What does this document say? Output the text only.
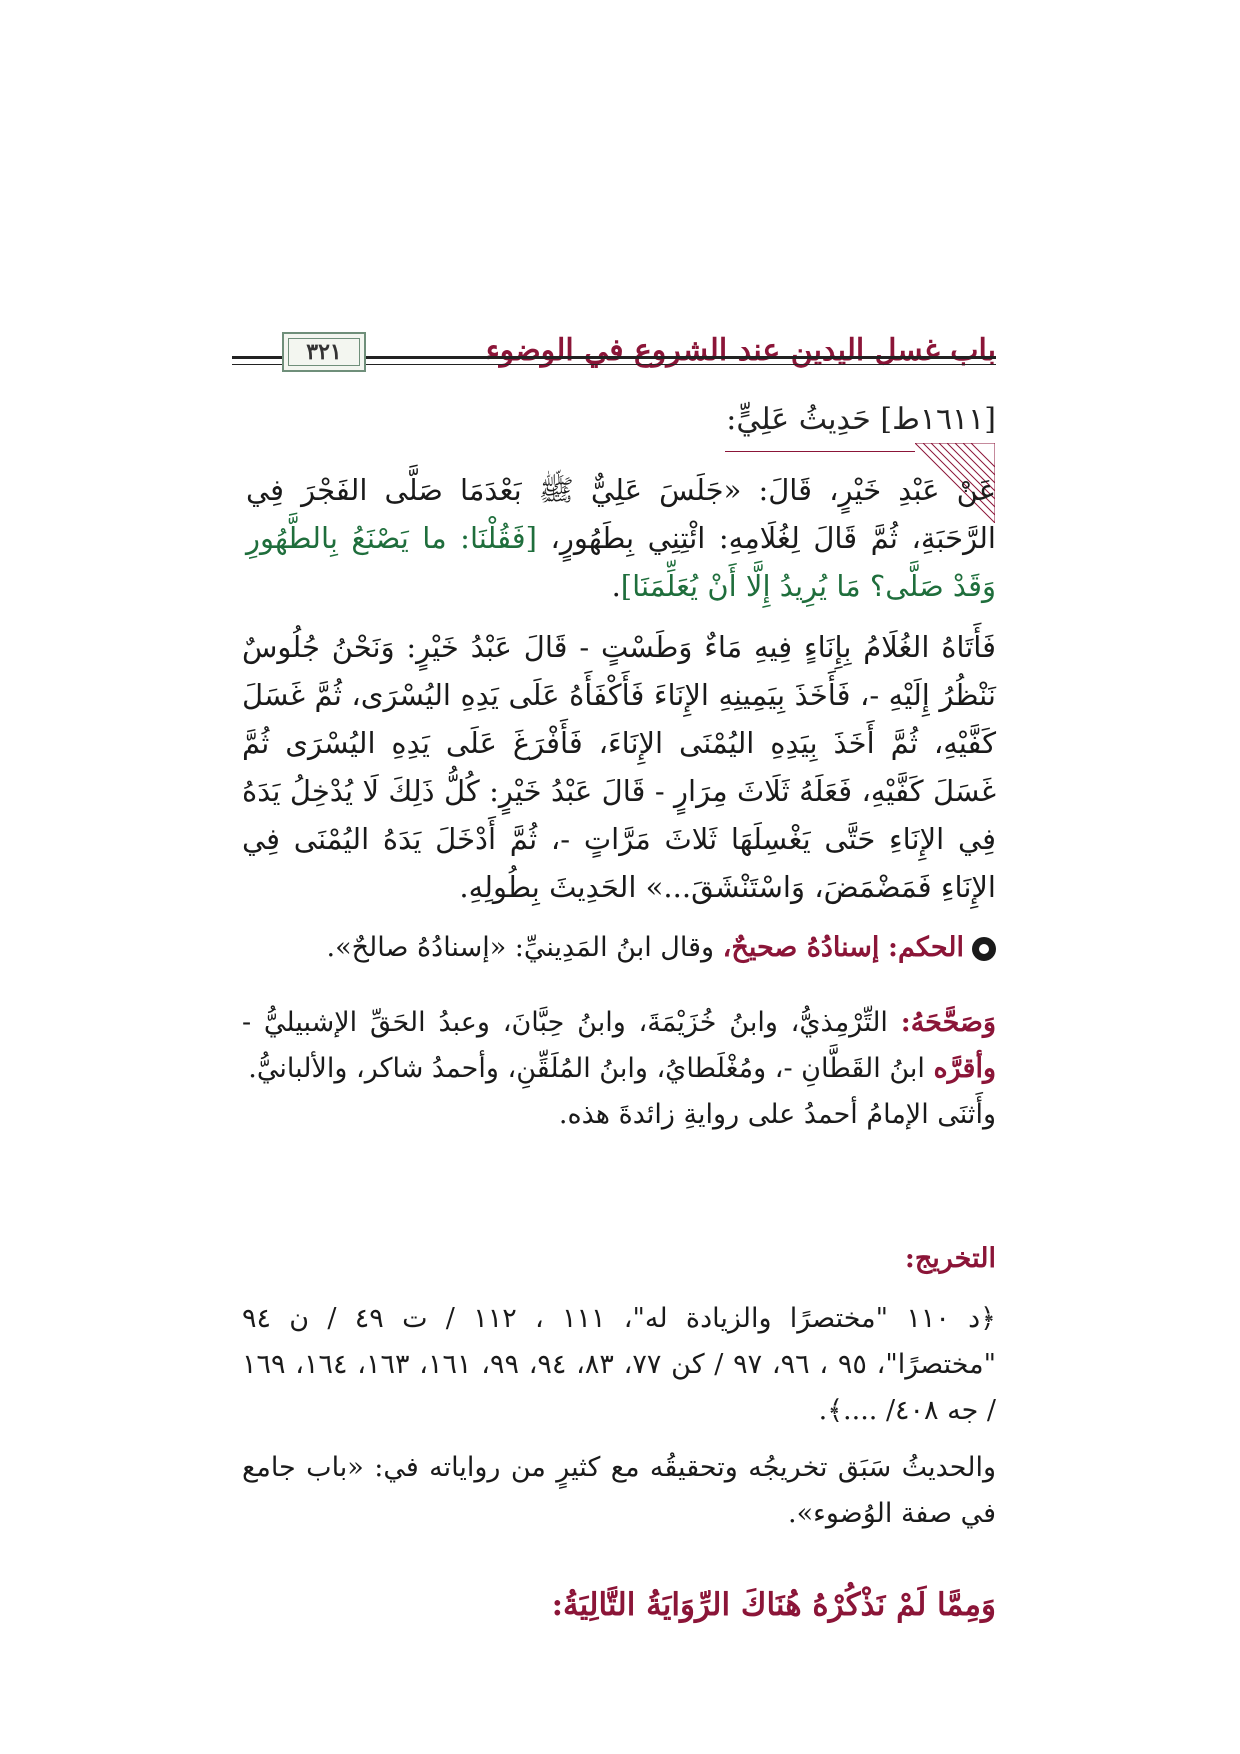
باب غسل اليدين عند الشروع في الوضوء
٣٢١
[١٦١١ط] حَدِيثُ عَلِيٍّ:
عَنْ عَبْدِ خَيْرٍ، قَالَ: «جَلَسَ عَلِيٌّ ﷺ بَعْدَمَا صَلَّى الفَجْرَ فِي الرَّحَبَةِ، ثُمَّ قَالَ لِغُلَامِهِ: ائْتِنِي بِطَهُورٍ، [فَقُلْنَا: ما يَصْنَعُ بِالطَّهُورِ وَقَدْ صَلَّى؟ مَا يُرِيدُ إِلَّا أَنْ يُعَلِّمَنَا].
فَأَتَاهُ الغُلَامُ بِإِنَاءٍ فِيهِ مَاءٌ وَطَسْتٍ - قَالَ عَبْدُ خَيْرٍ: وَنَحْنُ جُلُوسٌ نَنْظُرُ إِلَيْهِ -، فَأَخَذَ بِيَمِينِهِ الإِنَاءَ فَأَكْفَأَهُ عَلَى يَدِهِ اليُسْرَى، ثُمَّ غَسَلَ كَفَّيْهِ، ثُمَّ أَخَذَ بِيَدِهِ اليُمْنَى الإِنَاءَ، فَأَفْرَغَ عَلَى يَدِهِ اليُسْرَى ثُمَّ غَسَلَ كَفَّيْهِ، فَعَلَهُ ثَلَاثَ مِرَارٍ - قَالَ عَبْدُ خَيْرٍ: كُلُّ ذَلِكَ لَا يُدْخِلُ يَدَهُ فِي الإِنَاءِ حَتَّى يَغْسِلَهَا ثَلاثَ مَرَّاتٍ -، ثُمَّ أَدْخَلَ يَدَهُ اليُمْنَى فِي الإِنَاءِ فَمَضْمَضَ، وَاسْتَنْشَقَ...» الحَدِيثَ بِطُولِهِ.
الحكم: إسنادُهُ صحيحٌ، وقال ابنُ المَدِينيِّ: «إسنادُهُ صالحٌ».
وَصَحَّحَهُ: التِّرْمِذيُّ، وابنُ خُزَيْمَةَ، وابنُ حِبَّانَ، وعبدُ الحَقِّ الإشبيليُّ - وأقرَّه ابنُ القَطَّانِ -، ومُغْلَطايُ، وابنُ المُلَقِّنِ، وأحمدُ شاكر، والألبانيُّ.
وأَثنَى الإمامُ أحمدُ على روايةِ زائدةَ هذه.
التخريج:
﴿د ١١٠ "مختصرًا والزيادة له"، ١١١ ، ١١٢ / ت ٤٩ / ن ٩٤ "مختصرًا"، ٩٥ ، ٩٦، ٩٧ / كن ٧٧، ٨٣، ٩٤، ٩٩، ١٦١، ١٦٣، ١٦٤، ١٦٩ / جه ٤٠٨/ ....﴾.
والحديثُ سَبَق تخريجُه وتحقيقُه مع كثيرٍ من رواياته في: «باب جامع في صفة الوُضوء».
وَمِمَّا لَمْ نَذْكُرْهُ هُنَاكَ الرِّوَايَةُ التَّالِيَةُ:
